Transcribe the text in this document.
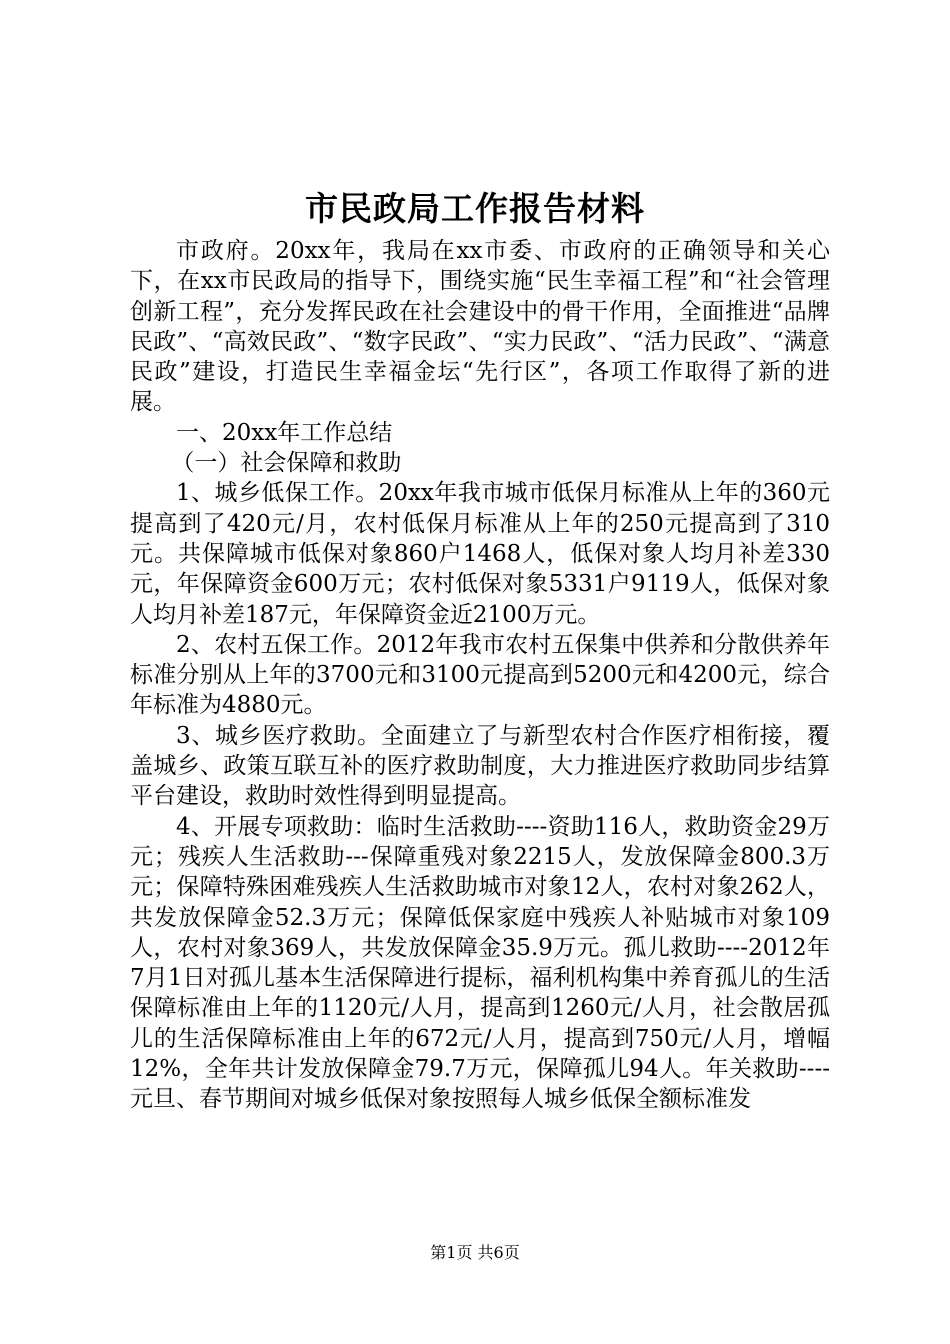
市民政局工作报告材料

市政府。20xx年，我局在xx市委、市政府的正确领导和关心下，在xx市民政局的指导下，围绕实施“民生幸福工程”和“社会管理创新工程”，充分发挥民政在社会建设中的骨干作用，全面推进“品牌民政”、“高效民政”、“数字民政”、“实力民政”、“活力民政”、“满意民政”建设，打造民生幸福金坛“先行区”，各项工作取得了新的进展。

一、20xx年工作总结

（一）社会保障和救助

1、城乡低保工作。20xx年我市城市低保月标准从上年的360元提高到了420元/月，农村低保月标准从上年的250元提高到了310元。共保障城市低保对象860户1468人，低保对象人均月补差330元，年保障资金600万元；农村低保对象5331户9119人，低保对象人均月补差187元，年保障资金近2100万元。

2、农村五保工作。2012年我市农村五保集中供养和分散供养年标准分别从上年的3700元和3100元提高到5200元和4200元，综合年标准为4880元。

3、城乡医疗救助。全面建立了与新型农村合作医疗相衔接，覆盖城乡、政策互联互补的医疗救助制度，大力推进医疗救助同步结算平台建设，救助时效性得到明显提高。

4、开展专项救助：临时生活救助----资助116人，救助资金29万元；残疾人生活救助---保障重残对象2215人，发放保障金800.3万元；保障特殊困难残疾人生活救助城市对象12人，农村对象262人，共发放保障金52.3万元；保障低保家庭中残疾人补贴城市对象109人，农村对象369人，共发放保障金35.9万元。孤儿救助----2012年7月1日对孤儿基本生活保障进行提标，福利机构集中养育孤儿的生活保障标准由上年的1120元/人月，提高到1260元/人月，社会散居孤儿的生活保障标准由上年的672元/人月，提高到750元/人月，增幅12%，全年共计发放保障金79.7万元，保障孤儿94人。年关救助----元旦、春节期间对城乡低保对象按照每人城乡低保全额标准发

第1页 共6页
